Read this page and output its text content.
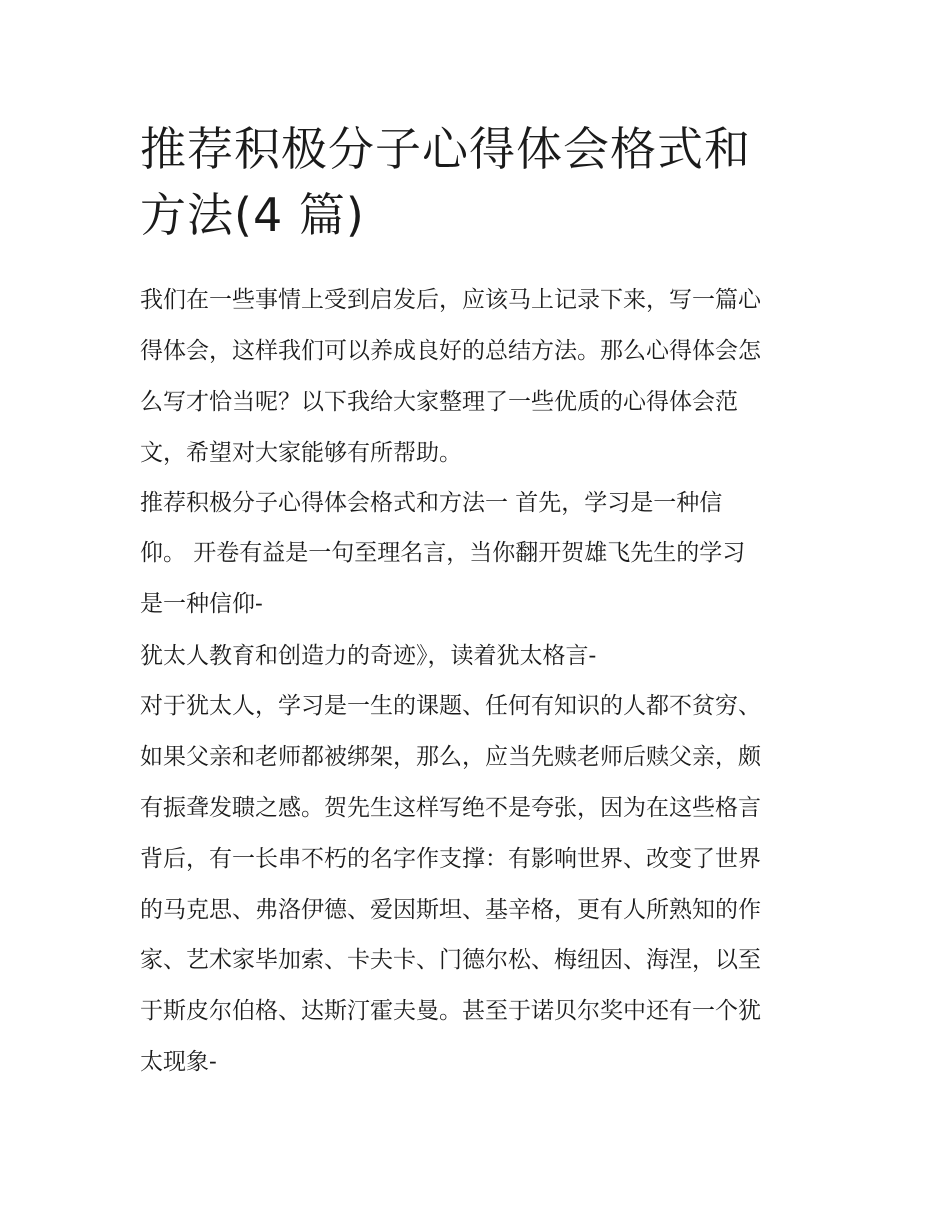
推荐积极分子心得体会格式和
方法(4 篇)

我们在一些事情上受到启发后，应该马上记录下来，写一篇心

得体会，这样我们可以养成良好的总结方法。那么心得体会怎

么写才恰当呢？以下我给大家整理了一些优质的心得体会范

文，希望对大家能够有所帮助。

推荐积极分子心得体会格式和方法一 首先，学习是一种信

仰。 开卷有益是一句至理名言，当你翻开贺雄飞先生的学习

是一种信仰-

犹太人教育和创造力的奇迹》，读着犹太格言-

对于犹太人，学习是一生的课题、任何有知识的人都不贫穷、

如果父亲和老师都被绑架，那么，应当先赎老师后赎父亲，颇

有振聋发聩之感。贺先生这样写绝不是夸张，因为在这些格言

背后，有一长串不朽的名字作支撑：有影响世界、改变了世界

的马克思、弗洛伊德、爱因斯坦、基辛格，更有人所熟知的作

家、艺术家毕加索、卡夫卡、门德尔松、梅纽因、海涅，以至

于斯皮尔伯格、达斯汀霍夫曼。甚至于诺贝尔奖中还有一个犹

太现象-
